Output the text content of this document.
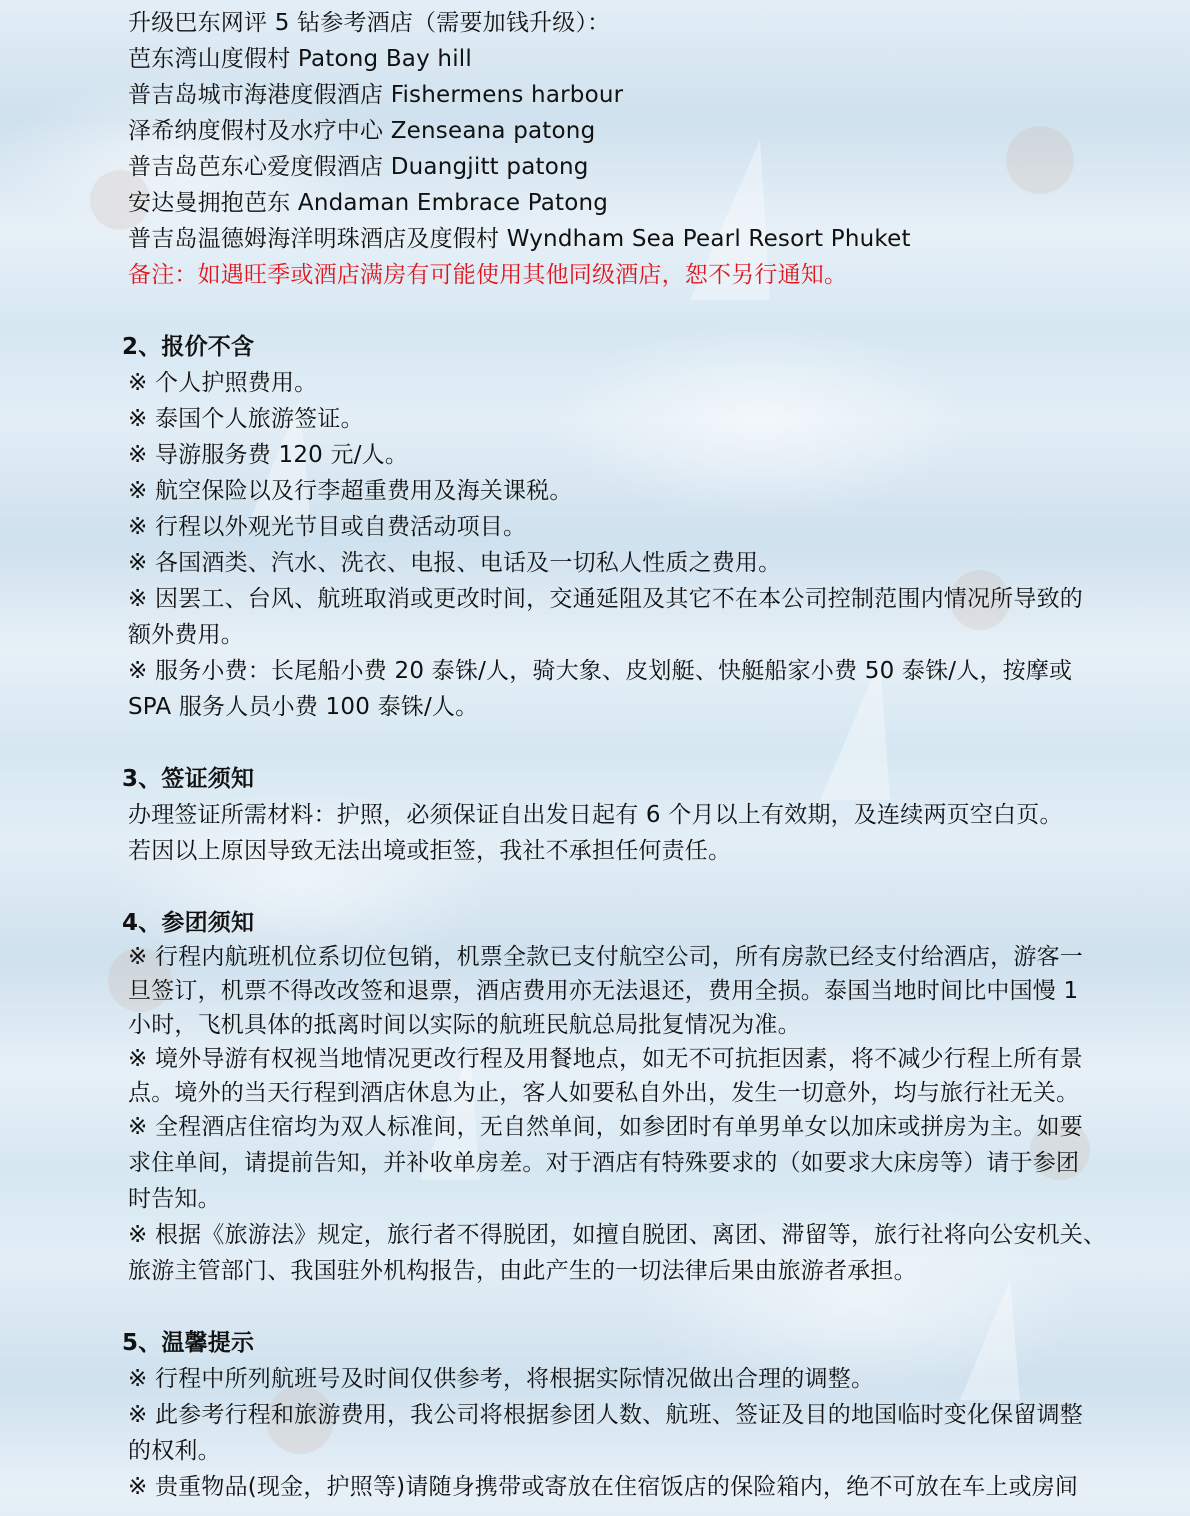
升级巴东网评 5 钻参考酒店（需要加钱升级）：
芭东湾山度假村 Patong Bay hill
普吉岛城市海港度假酒店 Fishermens harbour
泽希纳度假村及水疗中心 Zenseana patong
普吉岛芭东心爱度假酒店 Duangjitt patong
安达曼拥抱芭东 Andaman Embrace Patong
普吉岛温德姆海洋明珠酒店及度假村 Wyndham Sea Pearl Resort Phuket
备注：如遇旺季或酒店满房有可能使用其他同级酒店，恕不另行通知。
2、报价不含
※ 个人护照费用。
※ 泰国个人旅游签证。
※ 导游服务费 120 元/人。
※ 航空保险以及行李超重费用及海关课税。
※ 行程以外观光节目或自费活动项目。
※ 各国酒类、汽水、洗衣、电报、电话及一切私人性质之费用。
※ 因罢工、台风、航班取消或更改时间，交通延阻及其它不在本公司控制范围内情况所导致的
额外费用。
※ 服务小费：长尾船小费 20 泰铢/人，骑大象、皮划艇、快艇船家小费 50 泰铢/人，按摩或
SPA 服务人员小费 100 泰铢/人。
3、签证须知
办理签证所需材料：护照，必须保证自出发日起有 6 个月以上有效期，及连续两页空白页。
若因以上原因导致无法出境或拒签，我社不承担任何责任。
4、参团须知
※ 行程内航班机位系切位包销，机票全款已支付航空公司，所有房款已经支付给酒店，游客一
旦签订，机票不得改改签和退票，酒店费用亦无法退还，费用全损。泰国当地时间比中国慢 1
小时，飞机具体的抵离时间以实际的航班民航总局批复情况为准。
※ 境外导游有权视当地情况更改行程及用餐地点，如无不可抗拒因素，将不减少行程上所有景
点。境外的当天行程到酒店休息为止，客人如要私自外出，发生一切意外，均与旅行社无关。
※ 全程酒店住宿均为双人标准间，无自然单间，如参团时有单男单女以加床或拼房为主。如要
求住单间，请提前告知，并补收单房差。对于酒店有特殊要求的（如要求大床房等）请于参团
时告知。
※ 根据《旅游法》规定，旅行者不得脱团，如擅自脱团、离团、滞留等，旅行社将向公安机关、
旅游主管部门、我国驻外机构报告，由此产生的一切法律后果由旅游者承担。
5、温馨提示
※ 行程中所列航班号及时间仅供参考，将根据实际情况做出合理的调整。
※ 此参考行程和旅游费用，我公司将根据参团人数、航班、签证及目的地国临时变化保留调整
的权利。
※ 贵重物品(现金，护照等)请随身携带或寄放在住宿饭店的保险箱内，绝不可放在车上或房间
